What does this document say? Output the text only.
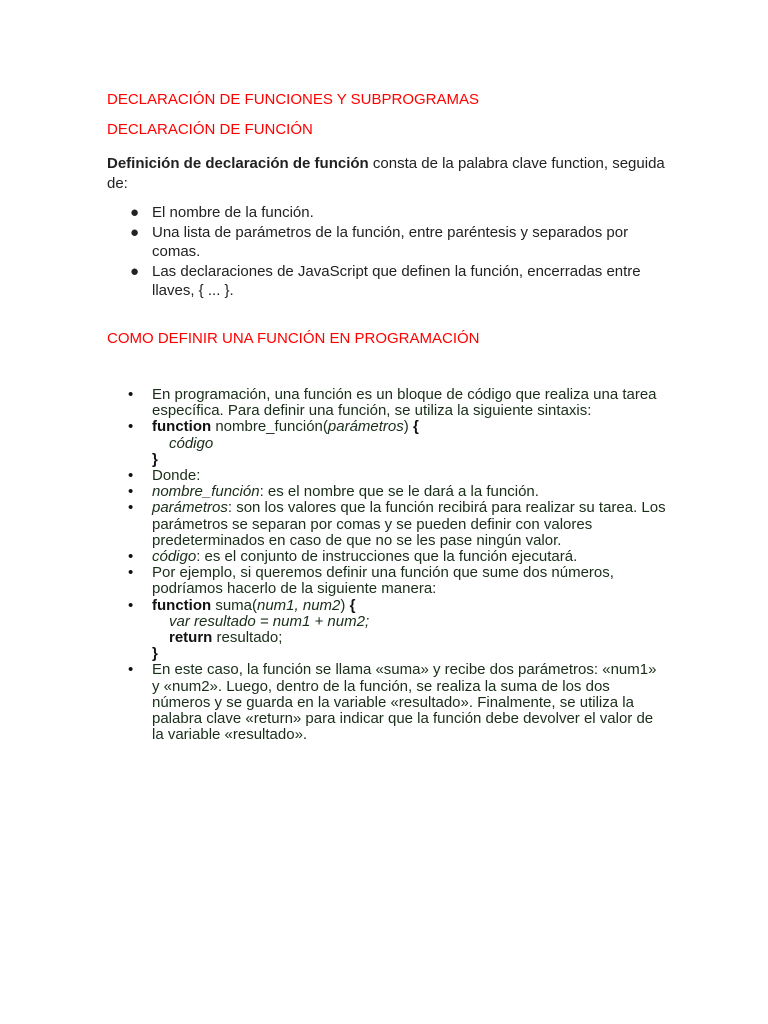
DECLARACIÓN DE FUNCIONES Y SUBPROGRAMAS
DECLARACIÓN DE FUNCIÓN

Definición de declaración de función consta de la palabra clave function, seguida de:

● El nombre de la función.
● Una lista de parámetros de la función, entre paréntesis y separados por comas.
● Las declaraciones de JavaScript que definen la función, encerradas entre llaves, { ... }.
COMO DEFINIR UNA FUNCIÓN EN PROGRAMACIÓN
• En programación, una función es un bloque de código que realiza una tarea específica. Para definir una función, se utiliza la siguiente sintaxis:
• function nombre_función(parámetros) {
código
}
• Donde:
• nombre_función: es el nombre que se le dará a la función.
• parámetros: son los valores que la función recibirá para realizar su tarea. Los parámetros se separan por comas y se pueden definir con valores predeterminados en caso de que no se les pase ningún valor.
• código: es el conjunto de instrucciones que la función ejecutará.
• Por ejemplo, si queremos definir una función que sume dos números, podríamos hacerlo de la siguiente manera:
• function suma(num1, num2) {
var resultado = num1 + num2;
return resultado;
}
• En este caso, la función se llama «suma» y recibe dos parámetros: «num1» y «num2». Luego, dentro de la función, se realiza la suma de los dos números y se guarda en la variable «resultado». Finalmente, se utiliza la palabra clave «return» para indicar que la función debe devolver el valor de la variable «resultado».
